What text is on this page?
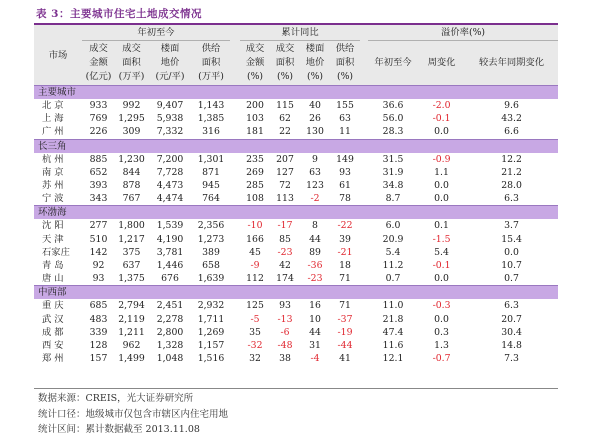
表 3：主要城市住宅土地成交情况
市场	年初至今					累计同比					溢价率(%)		
	成交
金额
(亿元)	成交
面积
(万平)	楼面
地价
(元/平)	供给
面积
(万平)		成交
金额
(%)	成交
面积
(%)	楼面
地价
(%)	供给
面积
(%)		年初至今	周变化	较去年同期变化
主要城市													
北 京	933	992	9,407	1,143		200	115	40	155		36.6	-2.0	9.6
上 海	769	1,295	5,938	1,385		103	62	26	63		56.0	-0.1	43.2
广 州	226	309	7,332	316		181	22	130	11		28.3	0.0	6.6
长三角													
杭 州	885	1,230	7,200	1,301		235	207	9	149		31.5	-0.9	12.2
南 京	652	844	7,728	871		269	127	63	93		31.9	1.1	21.2
苏 州	393	878	4,473	945		285	72	123	61		34.8	0.0	28.0
宁 波	343	767	4,474	764		108	113	-2	78		8.7	0.0	6.3
环渤海													
沈 阳	277	1,800	1,539	2,356		-10	-17	8	-22		6.0	0.1	3.7
天 津	510	1,217	4,190	1,273		166	85	44	39		20.9	-1.5	15.4
石家庄	142	375	3,781	389		45	-23	89	-21		5.4	5.4	0.0
青 岛	92	637	1,446	658		-9	42	-36	18		11.2	-0.1	10.7
唐 山	93	1,375	676	1,639		112	174	-23	71		0.7	0.0	0.7
中西部													
重 庆	685	2,794	2,451	2,932		125	93	16	71		11.0	-0.3	6.3
武 汉	483	2,119	2,278	1,711		-5	-13	10	-37		21.8	0.0	20.7
成 都	339	1,211	2,800	1,269		35	-6	44	-19		47.4	0.3	30.4
西 安	128	962	1,328	1,157		-32	-48	31	-44		11.6	1.3	14.8
郑 州	157	1,499	1,048	1,516		32	38	-4	41		12.1	-0.7	7.3
数据来源：CREIS，光大证券研究所
统计口径：地级城市仅包含市辖区内住宅用地
统计区间：累计数据截至 2013.11.08
